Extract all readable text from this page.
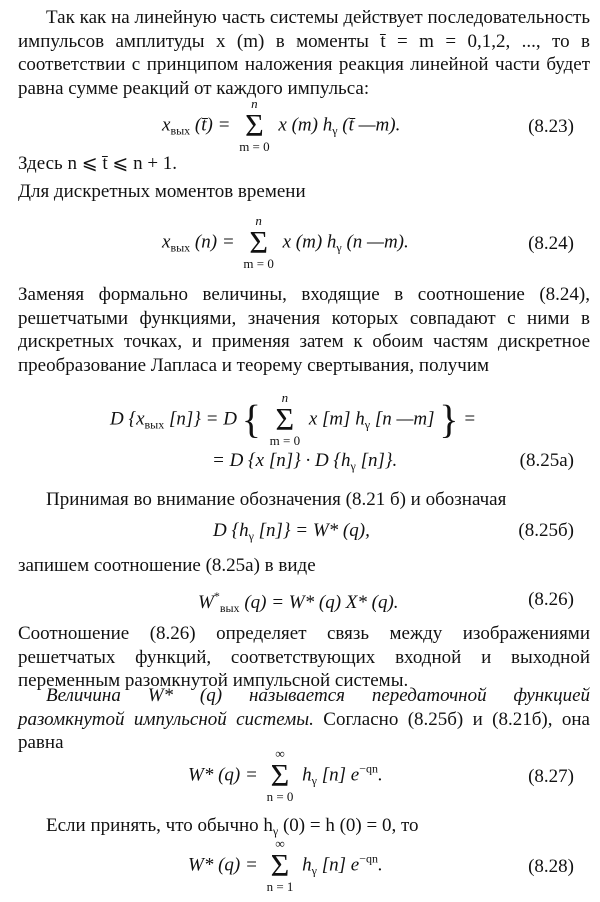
Так как на линейную часть системы действует последовательность импульсов амплитуды x (m) в моменты t̄ = m = 0,1,2, ..., то в соответствии с принципом наложения реакция линейной части будет равна сумме реакций от каждого импульса:

$x_{вых}$ (t̄) =
n
Σ
m = 0
x (m) $h_\gamma$ (t̄ —m).	(8.23)

Здесь n ⩽ t̄ ⩽ n + 1.

Для дискретных моментов времени

$x_{вых}$ (n) =
n
Σ
m = 0
x (m) $h_\gamma$ (n —m).	(8.24)

Заменяя формально величины, входящие в соотношение (8.24), решетчатыми функциями, значения которых совпадают с ними в дискретных точках, и применяя затем к обоим частям дискретное преобразование Лапласа и теорему свертывания, получим

D {$x_{вых}$ [n]} = D {	n
Σ
m = 0
x [m] $h_\gamma$ [n —m] } =
= D {x [n]} · D {$h_\gamma$ [n]}.	(8.25а)

Принимая во внимание обозначения (8.21 б) и обозначая

D {$h_\gamma$ [n]} = W* (q),	(8.25б)

запишем соотношение (8.25а) в виде

$W^*_{вых}$ (q) = W* (q) X* (q).	(8.26)

Соотношение (8.26) определяет связь между изображениями решетчатых функций, соответствующих входной и выходной переменным разомкнутой импульсной системы.

Величина W* (q) называется передаточной функцией разомкнутой импульсной системы. Согласно (8.25б) и (8.21б), она равна

W* (q) =
∞
Σ
n = 0
$h_\gamma$ [n] $e^{-qn}$.	(8.27)

Если принять, что обычно $h_\gamma$ (0) = h (0) = 0, то

W* (q) =
∞
Σ
n = 1
$h_\gamma$ [n] $e^{-qn}$.	(8.28)
